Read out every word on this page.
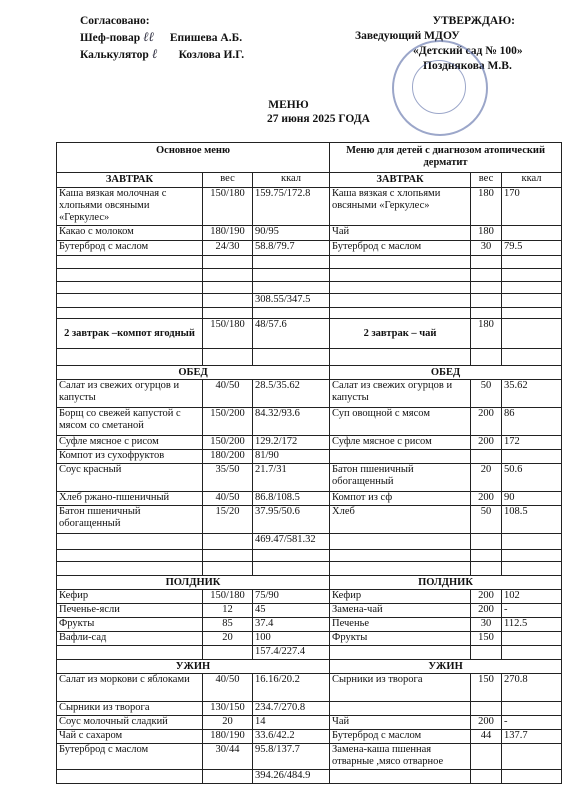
Согласовано:
Шеф-повар ℓℓ Епишева А.Б.
Калькулятор ℓ Козлова И.Г.
УТВЕРЖДАЮ:
Заведующий МДОУ
«Детский сад № 100»
Позднякова М.В.
МЕНЮ
27 июня 2025 ГОДА
Основное меню			Меню для детей с диагнозом атопический дерматит		
ЗАВТРАК	вес	ккал	ЗАВТРАК	вес	ккал
Каша вязкая молочная с хлопьями овсяными «Геркулес»	150/180	159.75/172.8	Каша вязкая с хлопьями овсяными «Геркулес»	180	170
Какао с молоком	180/190	90/95	Чай	180	
Бутерброд с маслом	24/30	58.8/79.7	Бутерброд с маслом	30	79.5

		308.55/347.5			

2 завтрак –компот ягодный	150/180	48/57.6	2 завтрак – чай	180	

ОБЕД			ОБЕД		
Салат из свежих огурцов и капусты	40/50	28.5/35.62	Салат из свежих огурцов и капусты	50	35.62
Борщ со свежей капустой с мясом со сметаной	150/200	84.32/93.6	Суп овощной с мясом	200	86
Суфле мясное с рисом	150/200	129.2/172	Суфле мясное с рисом	200	172
Компот из сухофруктов	180/200	81/90			
Соус красный	35/50	21.7/31	Батон пшеничный обогащенный	20	50.6
Хлеб ржано-пшеничный	40/50	86.8/108.5	Компот из сф	200	90
Батон пшеничный обогащенный	15/20	37.95/50.6	Хлеб	50	108.5
		469.47/581.32			

ПОЛДНИК			ПОЛДНИК		
Кефир	150/180	75/90	Кефир	200	102
Печенье-ясли	12	45	Замена-чай	200	-
Фрукты	85	37.4	Печенье	30	112.5
Вафли-сад	20	100	Фрукты	150	
		157.4/227.4			
УЖИН			УЖИН		
Салат из моркови с яблоками	40/50	16.16/20.2	Сырники из творога	150	270.8
Сырники из творога	130/150	234.7/270.8			
Соус молочный сладкий	20	14	Чай	200	-
Чай с сахаром	180/190	33.6/42.2	Бутерброд с маслом	44	137.7
Бутерброд с маслом	30/44	95.8/137.7	Замена-каша пшенная отварные ,мясо отварное		
		394.26/484.9			
